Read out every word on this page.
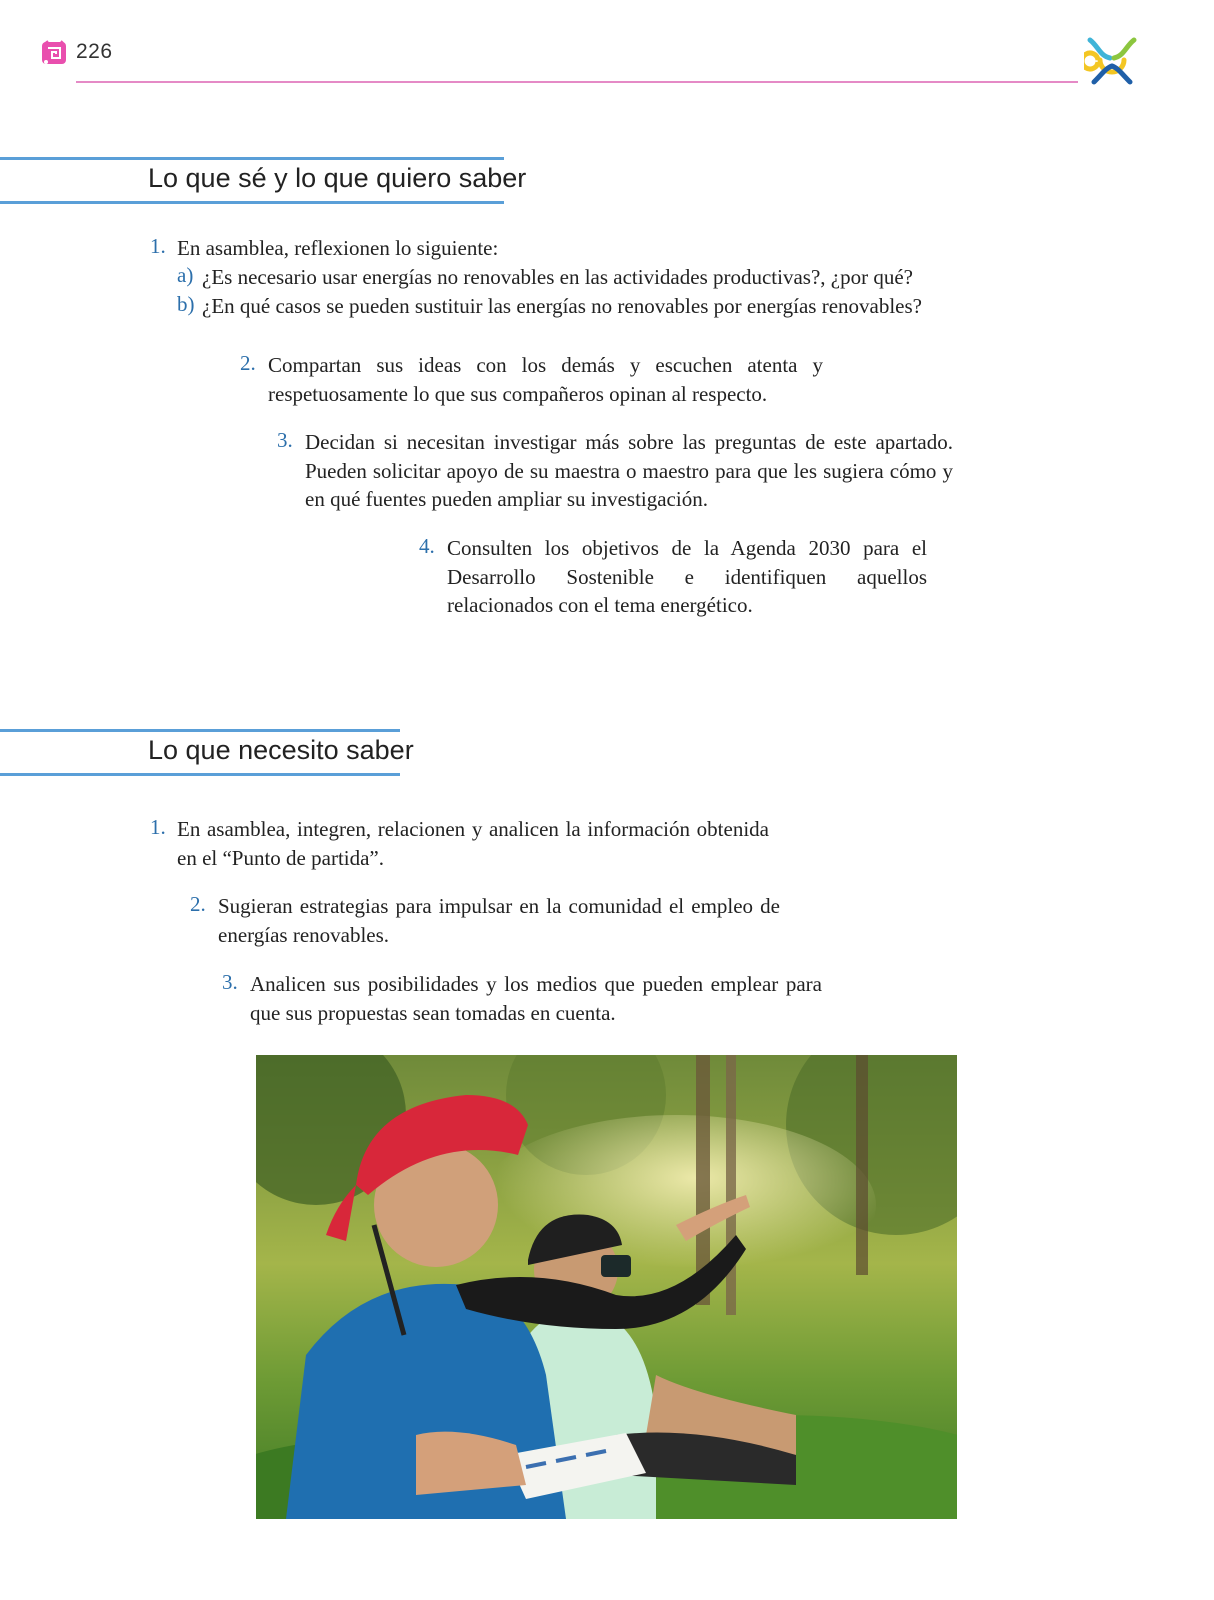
226
Lo que sé y lo que quiero saber
1. En asamblea, reflexionen lo siguiente:
a) ¿Es necesario usar energías no renovables en las actividades productivas?, ¿por qué?
b) ¿En qué casos se pueden sustituir las energías no renovables por energías renovables?
2. Compartan sus ideas con los demás y escuchen atenta y respetuosamente lo que sus compañeros opinan al respecto.
3. Decidan si necesitan investigar más sobre las preguntas de este apartado. Pueden solicitar apoyo de su maestra o maestro para que les sugiera cómo y en qué fuentes pueden ampliar su investigación.
4. Consulten los objetivos de la Agenda 2030 para el Desarrollo Sostenible e identifiquen aquellos relacionados con el tema energético.
Lo que necesito saber
1. En asamblea, integren, relacionen y analicen la información obtenida en el “Punto de partida”.
2. Sugieran estrategias para impulsar en la comunidad el empleo de energías renovables.
3. Analicen sus posibilidades y los medios que pueden emplear para que sus propuestas sean tomadas en cuenta.
